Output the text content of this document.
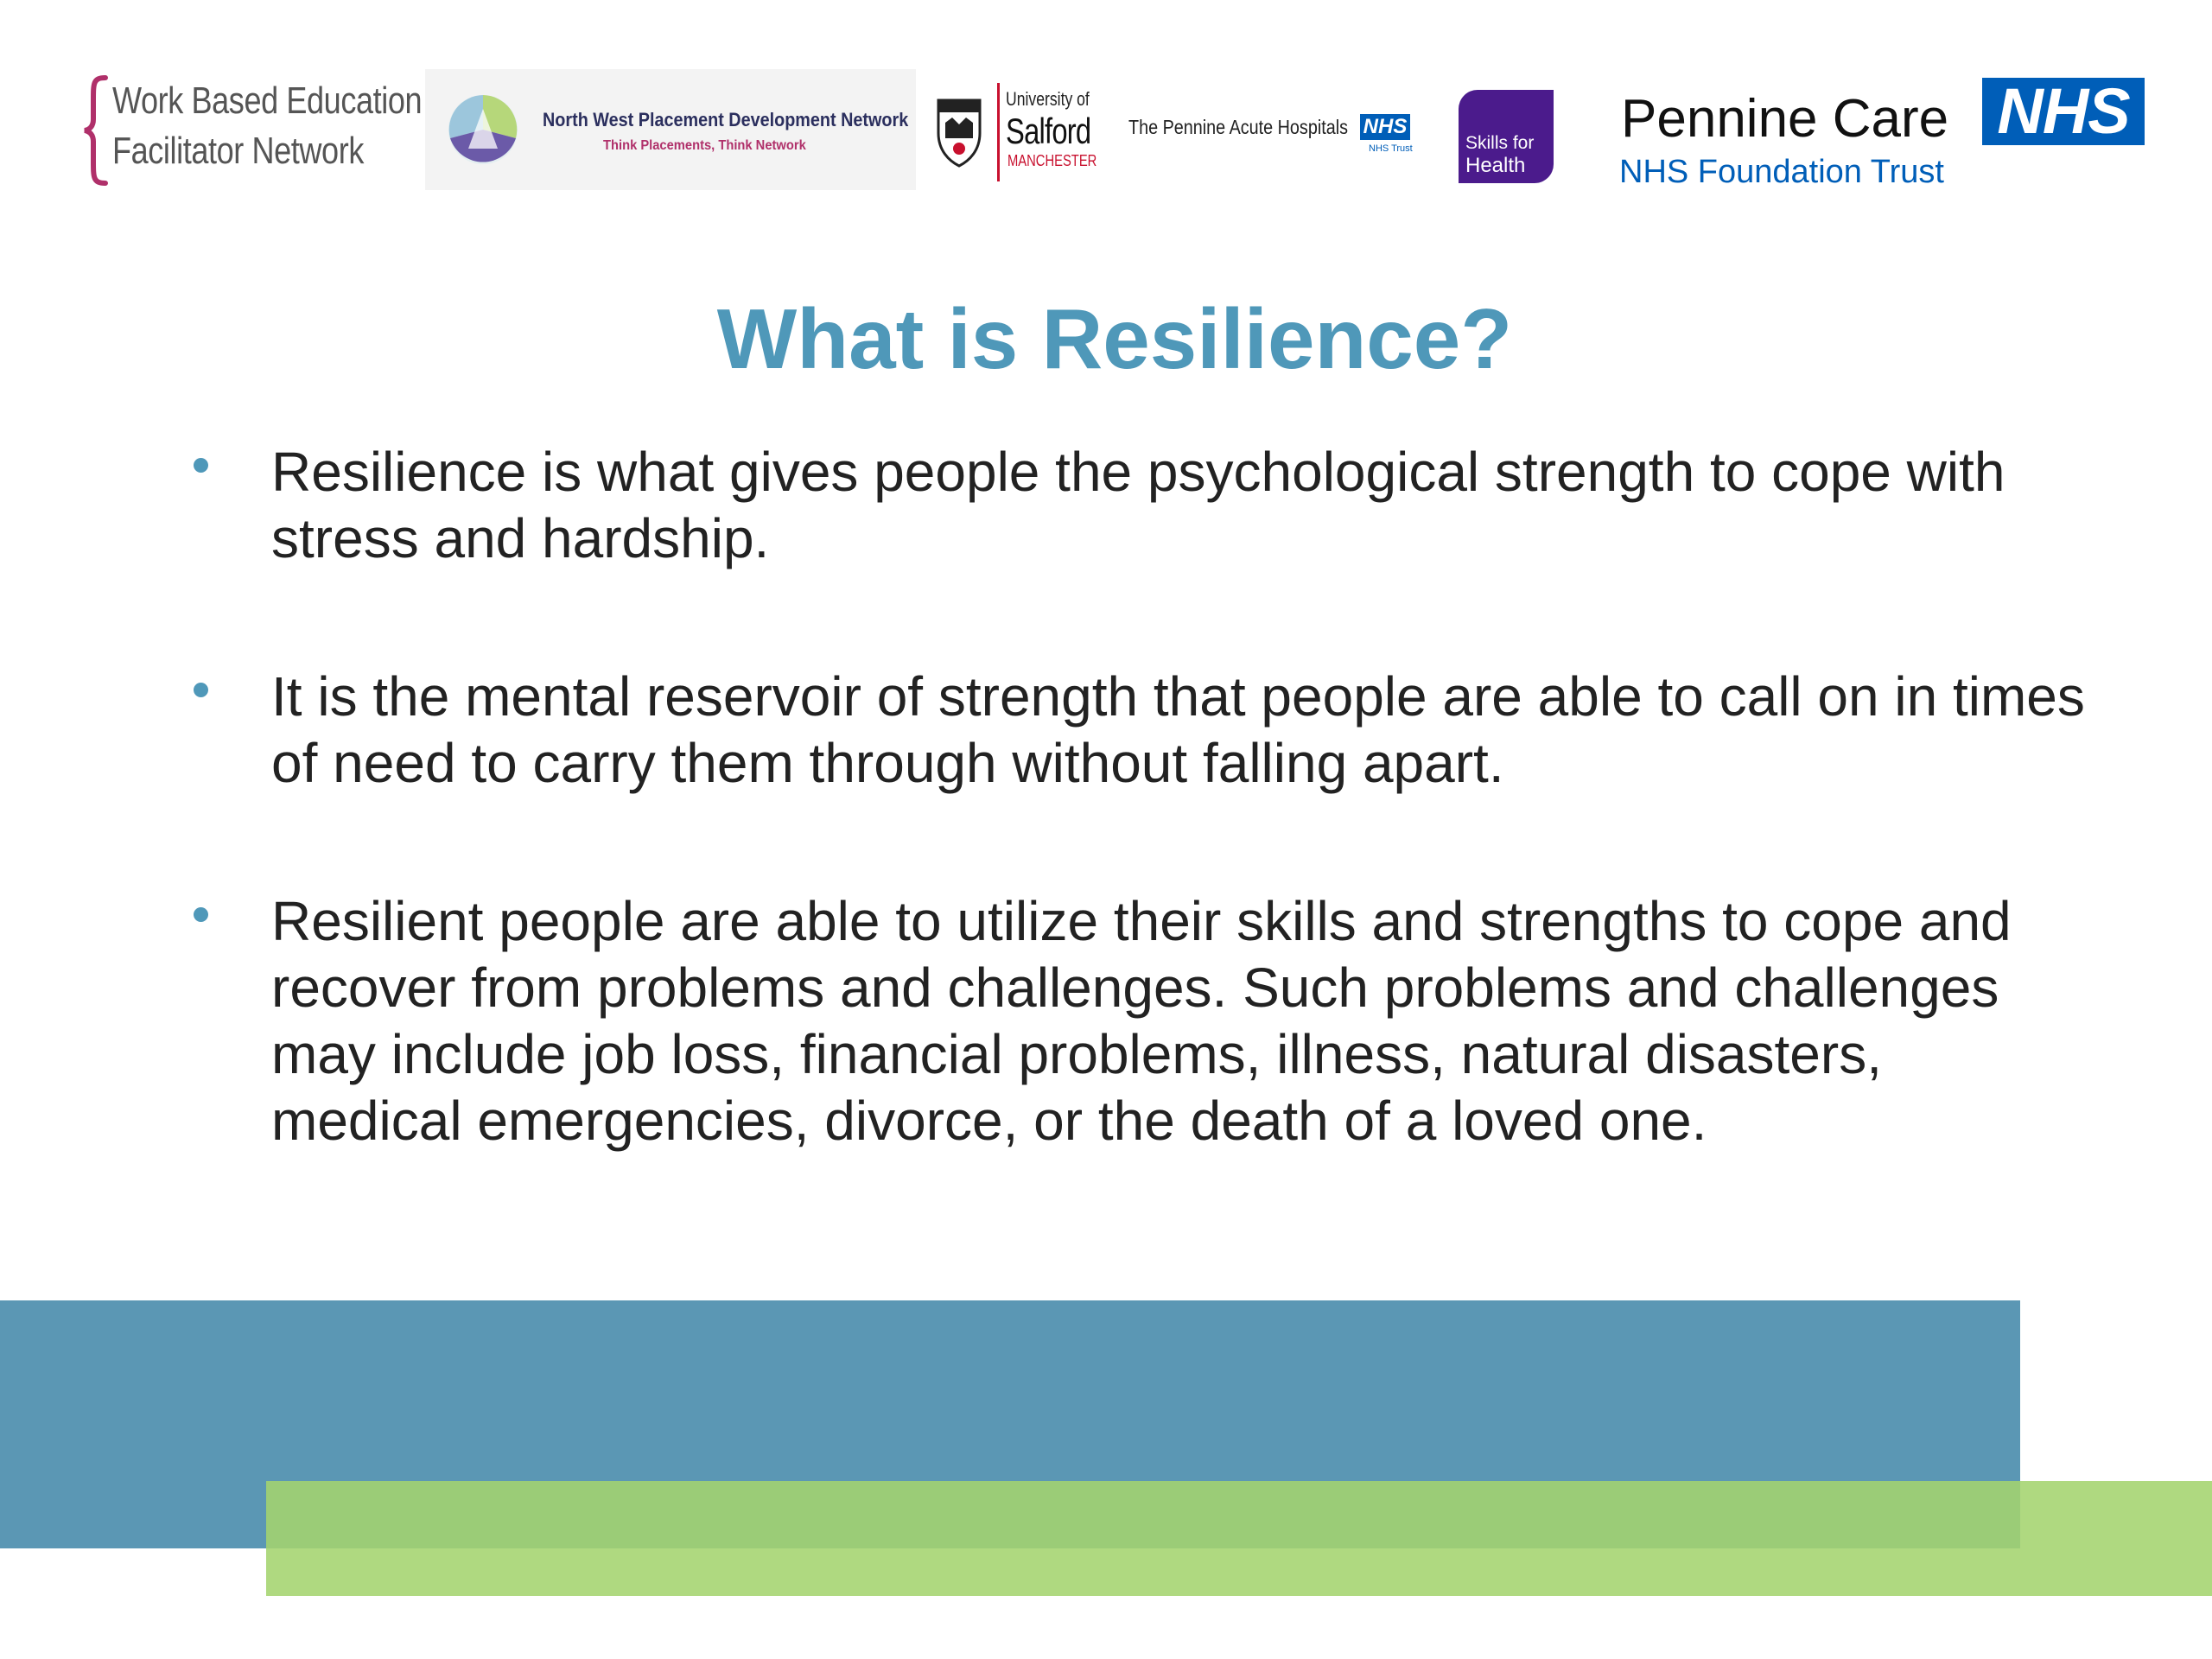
Work Based Education
Facilitator Network
North West Placement Development Network
Think Placements, Think Network
University of
Salford
MANCHESTER
The Pennine Acute Hospitals NHS
NHS Trust	Skills for
Health
Pennine Care NHS
NHS Foundation Trust
What is Resilience?
Resilience is what gives people the psychological strength to cope with stress and hardship.
It is the mental reservoir of strength that people are able to call on in times of need to carry them through without falling apart.
Resilient people are able to utilize their skills and strengths to cope and recover from problems and challenges. Such problems and challenges may include job loss, financial problems, illness, natural disasters, medical emergencies, divorce, or the death of a loved one.
